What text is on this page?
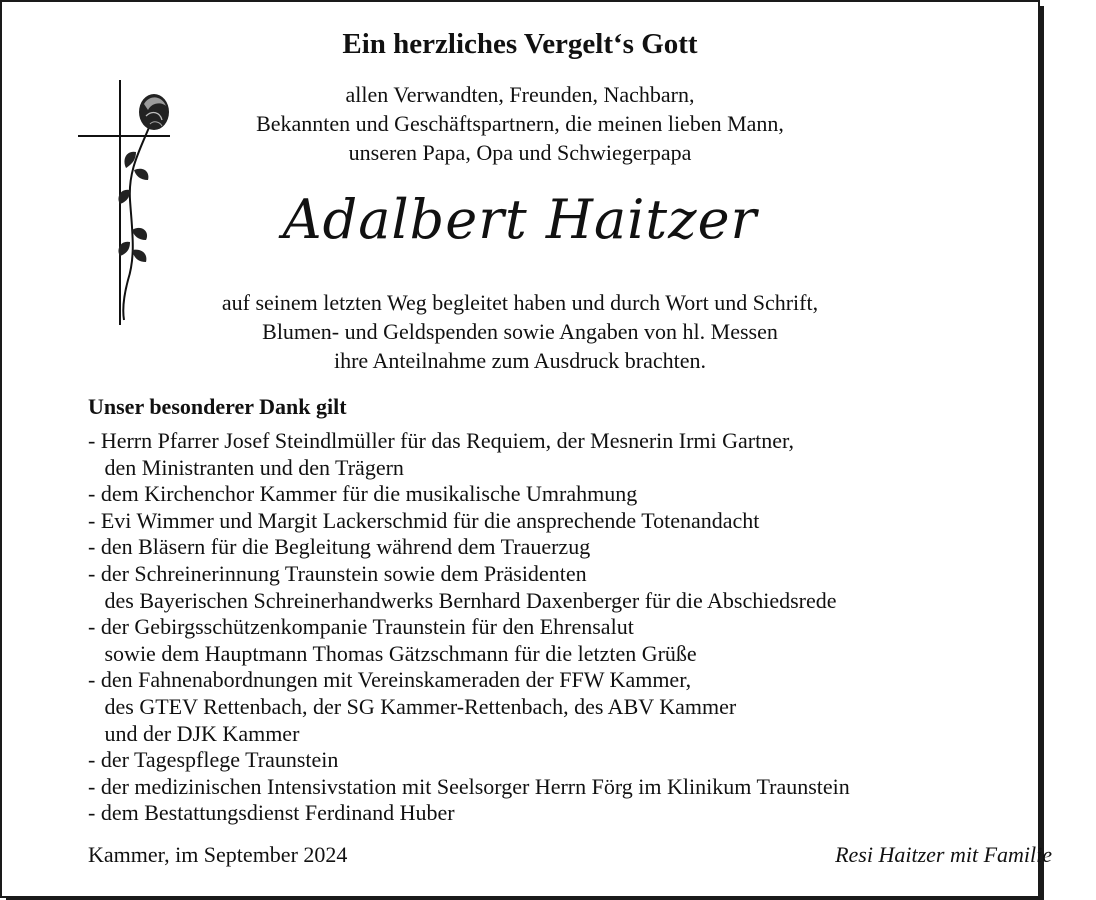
Ein herzliches Vergelt‘s Gott
allen Verwandten, Freunden, Nachbarn,
Bekannten und Geschäftspartnern, die meinen lieben Mann,
unseren Papa, Opa und Schwiegerpapa
Adalbert Haitzer
auf seinem letzten Weg begleitet haben und durch Wort und Schrift,
Blumen- und Geldspenden sowie Angaben von hl. Messen
ihre Anteilnahme zum Ausdruck brachten.
Unser besonderer Dank gilt
- Herrn Pfarrer Josef Steindlmüller für das Requiem, der Mesnerin Irmi Gartner,
den Ministranten und den Trägern
- dem Kirchenchor Kammer für die musikalische Umrahmung
- Evi Wimmer und Margit Lackerschmid für die ansprechende Totenandacht
- den Bläsern für die Begleitung während dem Trauerzug
- der Schreinerinnung Traunstein sowie dem Präsidenten
des Bayerischen Schreinerhandwerks Bernhard Daxenberger für die Abschiedsrede
- der Gebirgsschützenkompanie Traunstein für den Ehrensalut
sowie dem Hauptmann Thomas Gätzschmann für die letzten Grüße
- den Fahnenabordnungen mit Vereinskameraden der FFW Kammer,
des GTEV Rettenbach, der SG Kammer-Rettenbach, des ABV Kammer
und der DJK Kammer
- der Tagespflege Traunstein
- der medizinischen Intensivstation mit Seelsorger Herrn Förg im Klinikum Traunstein
- dem Bestattungsdienst Ferdinand Huber
Kammer, im September 2024	Resi Haitzer mit Familie
